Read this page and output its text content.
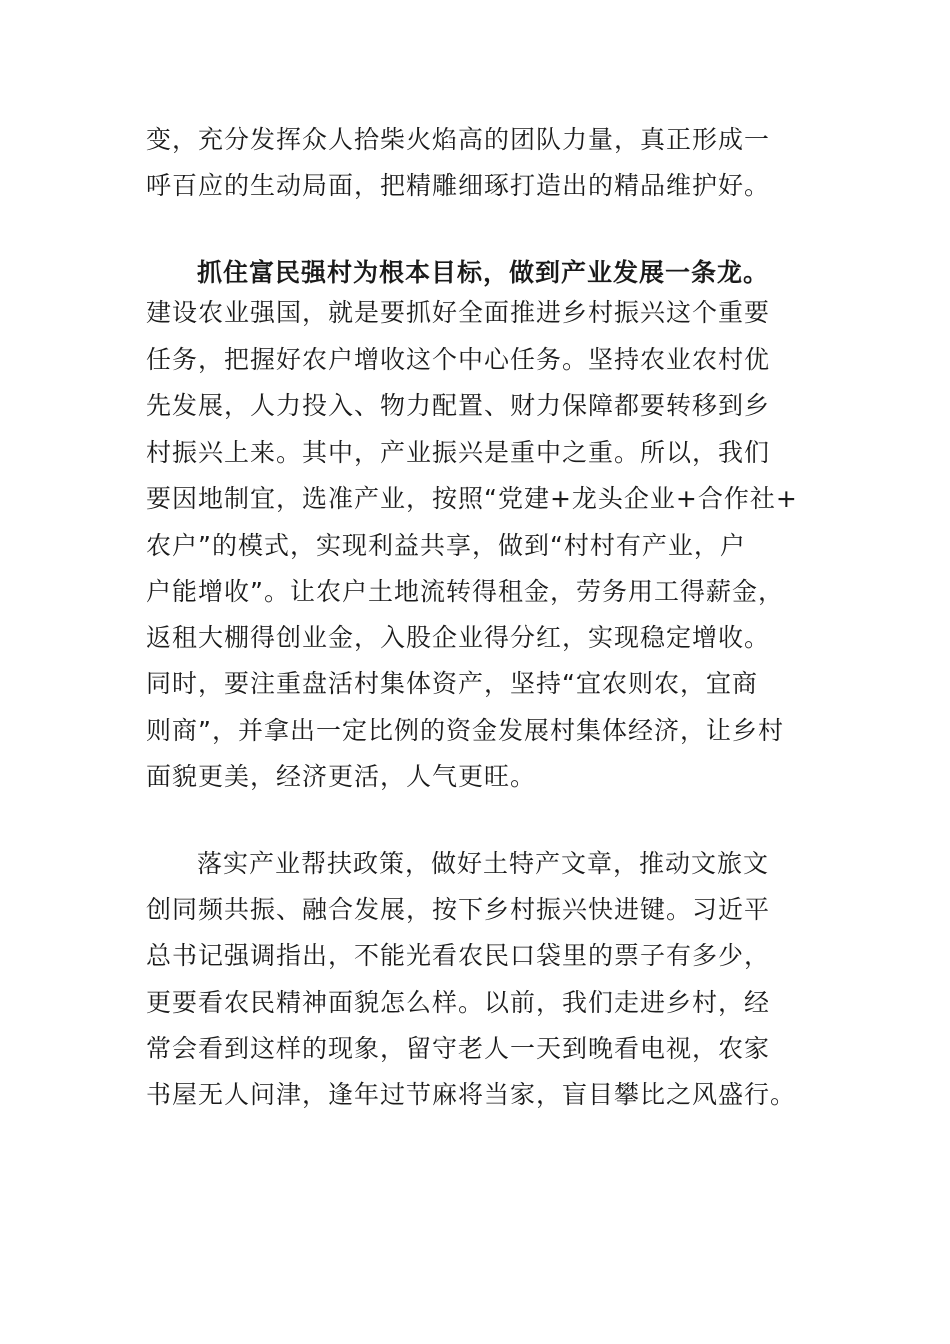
变，充分发挥众人拾柴火焰高的团队力量，真正形成一
呼百应的生动局面，把精雕细琢打造出的精品维护好。
抓住富民强村为根本目标，做到产业发展一条龙。
建设农业强国，就是要抓好全面推进乡村振兴这个重要
任务，把握好农户增收这个中心任务。坚持农业农村优
先发展，人力投入、物力配置、财力保障都要转移到乡
村振兴上来。其中，产业振兴是重中之重。所以，我们
要因地制宜，选准产业，按照“党建+龙头企业+合作社+
农户”的模式，实现利益共享，做到“村村有产业，户
户能增收”。让农户土地流转得租金，劳务用工得薪金，
返租大棚得创业金，入股企业得分红，实现稳定增收。
同时，要注重盘活村集体资产，坚持“宜农则农，宜商
则商”，并拿出一定比例的资金发展村集体经济，让乡村
面貌更美，经济更活，人气更旺。
落实产业帮扶政策，做好土特产文章，推动文旅文
创同频共振、融合发展，按下乡村振兴快进键。习近平
总书记强调指出，不能光看农民口袋里的票子有多少，
更要看农民精神面貌怎么样。以前，我们走进乡村，经
常会看到这样的现象，留守老人一天到晚看电视，农家
书屋无人问津，逢年过节麻将当家，盲目攀比之风盛行。
